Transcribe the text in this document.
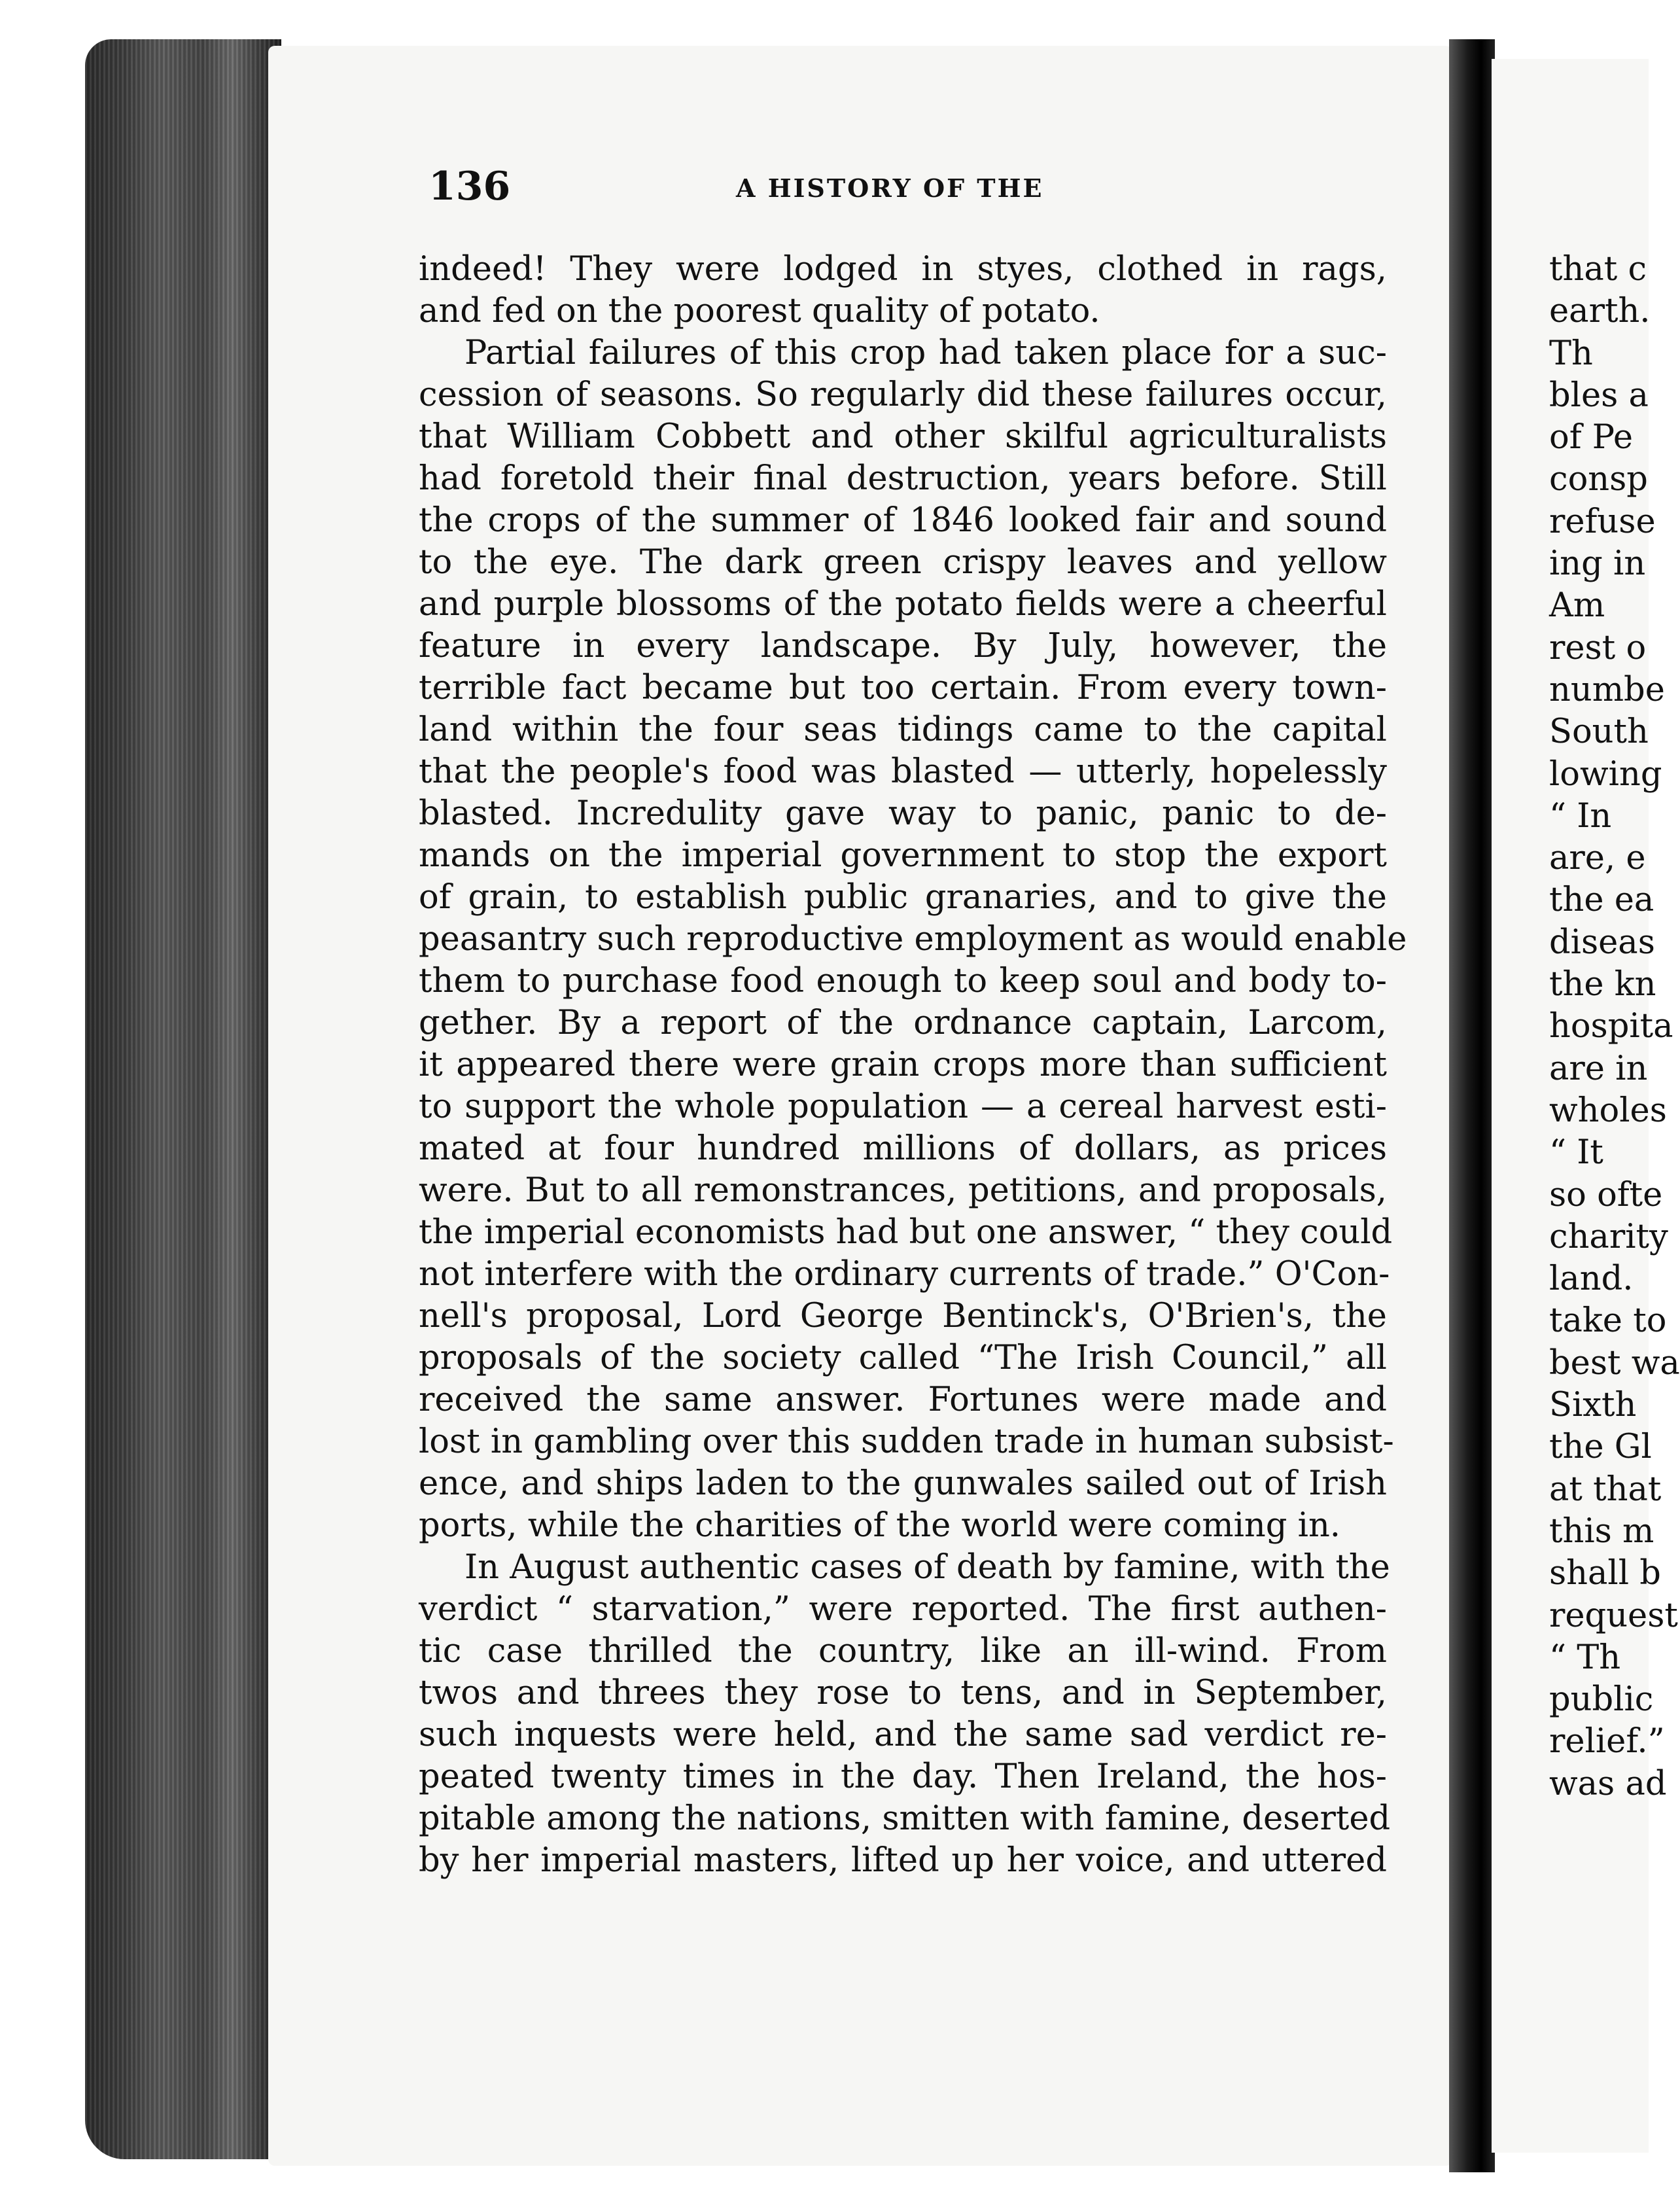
136	A HISTORY OF THE
indeed! They were lodged in styes, clothed in rags,
and fed on the poorest quality of potato.
Partial failures of this crop had taken place for a suc-
cession of seasons. So regularly did these failures occur,
that William Cobbett and other skilful agriculturalists
had foretold their final destruction, years before. Still
the crops of the summer of 1846 looked fair and sound
to the eye. The dark green crispy leaves and yellow
and purple blossoms of the potato fields were a cheerful
feature in every landscape. By July, however, the
terrible fact became but too certain. From every town-
land within the four seas tidings came to the capital
that the people's food was blasted — utterly, hopelessly
blasted. Incredulity gave way to panic, panic to de-
mands on the imperial government to stop the export
of grain, to establish public granaries, and to give the
peasantry such reproductive employment as would enable
them to purchase food enough to keep soul and body to-
gether. By a report of the ordnance captain, Larcom,
it appeared there were grain crops more than sufficient
to support the whole population — a cereal harvest esti-
mated at four hundred millions of dollars, as prices
were. But to all remonstrances, petitions, and proposals,
the imperial economists had but one answer, “ they could
not interfere with the ordinary currents of trade.” O'Con-
nell's proposal, Lord George Bentinck's, O'Brien's, the
proposals of the society called “The Irish Council,” all
received the same answer. Fortunes were made and
lost in gambling over this sudden trade in human subsist-
ence, and ships laden to the gunwales sailed out of Irish
ports, while the charities of the world were coming in.
In August authentic cases of death by famine, with the
verdict “ starvation,” were reported. The first authen-
tic case thrilled the country, like an ill-wind. From
twos and threes they rose to tens, and in September,
such inquests were held, and the same sad verdict re-
peated twenty times in the day. Then Ireland, the hos-
pitable among the nations, smitten with famine, deserted
by her imperial masters, lifted up her voice, and uttered
that c
earth.
Th
bles a
of Pe
consp
refuse
ing in
Am
rest o
numbe
South
lowing
“ In
are, e
the ea
diseas
the kn
hospita
are in
wholes
“ It
so ofte
charity
land.
take to
best wa
Sixth
the Gl
at that
this m
shall b
request
“ Th
public
relief.”
was ad
